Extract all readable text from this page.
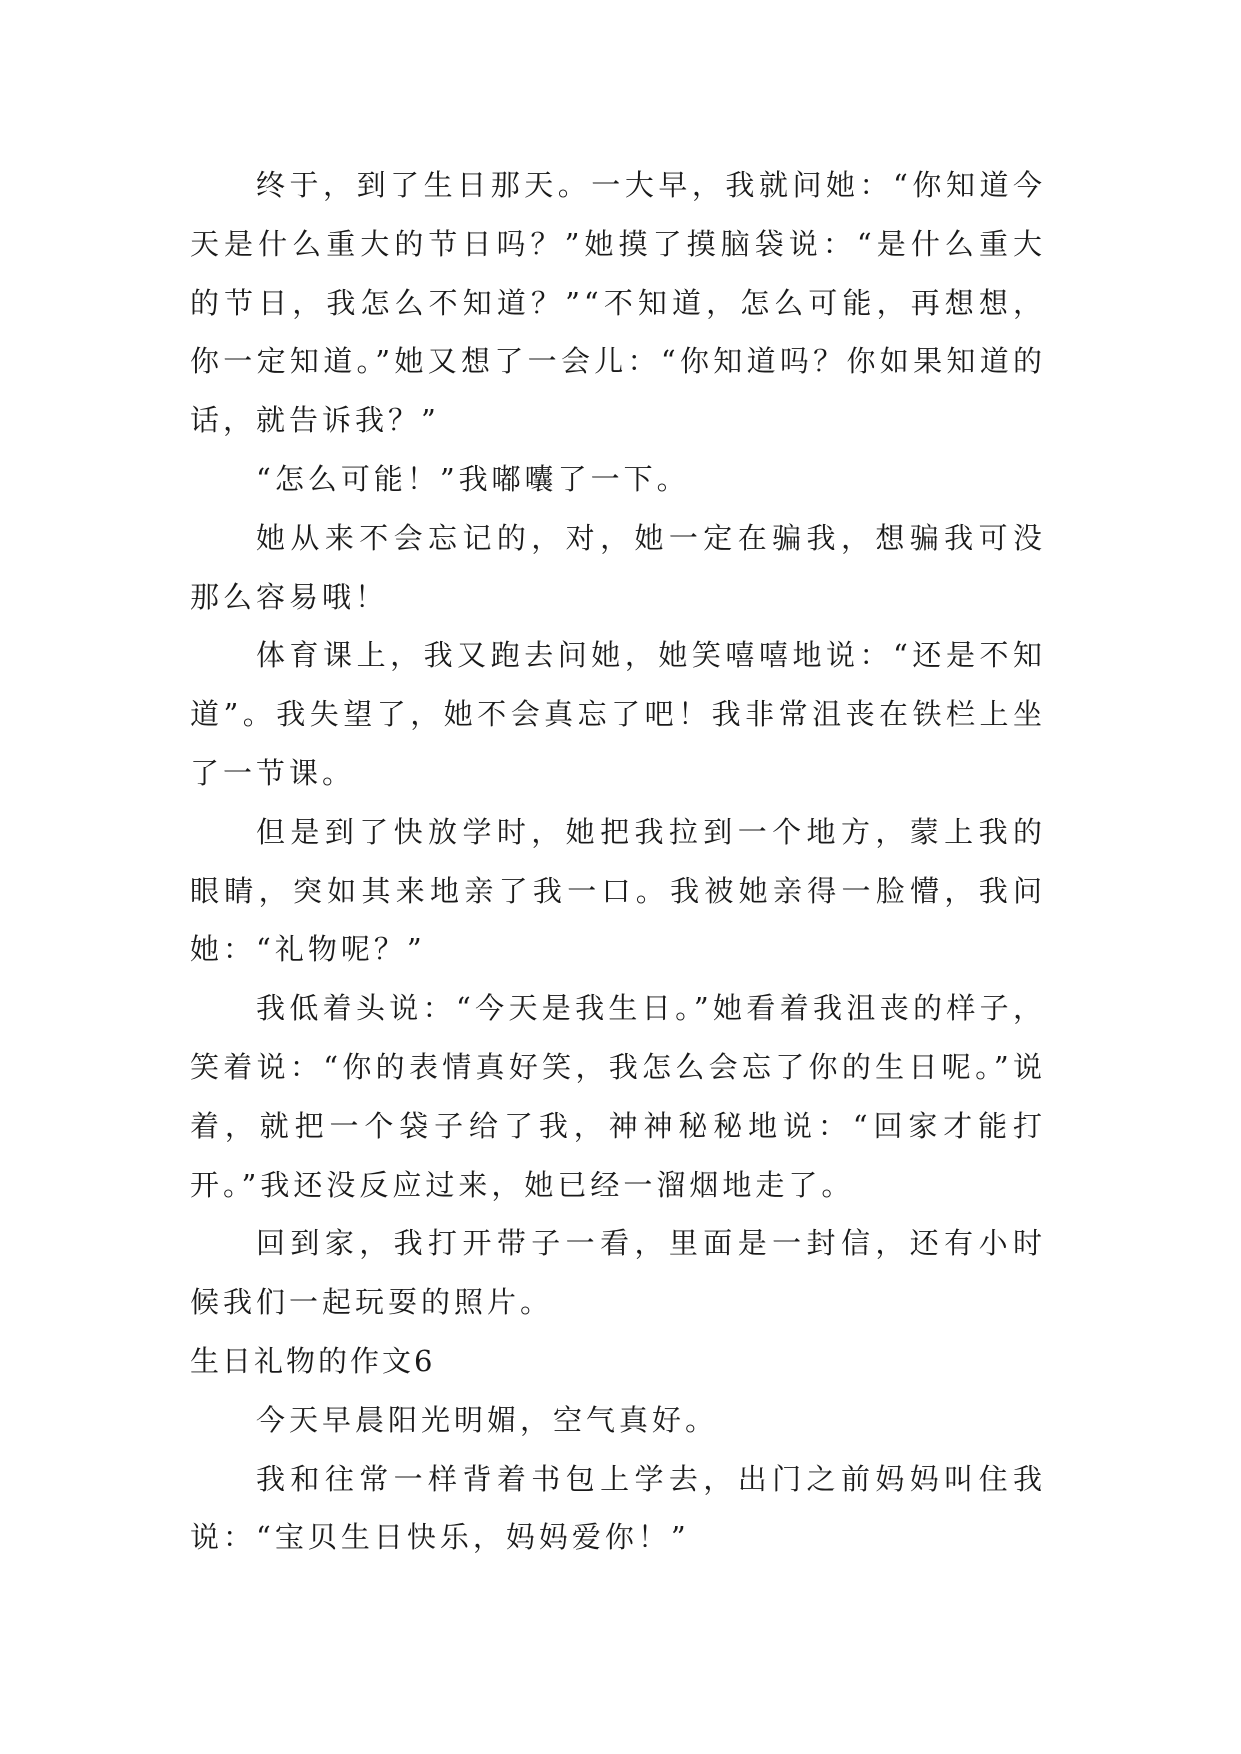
终于，到了生日那天。一大早，我就问她：“你知道今天是什么重大的节日吗？”她摸了摸脑袋说：“是什么重大的节日，我怎么不知道？”“不知道，怎么可能，再想想，你一定知道。”她又想了一会儿：“你知道吗？你如果知道的话，就告诉我？”

“怎么可能！”我嘟囔了一下。

她从来不会忘记的，对，她一定在骗我，想骗我可没那么容易哦！

体育课上，我又跑去问她，她笑嘻嘻地说：“还是不知道”。我失望了，她不会真忘了吧！我非常沮丧在铁栏上坐了一节课。

但是到了快放学时，她把我拉到一个地方，蒙上我的眼睛，突如其来地亲了我一口。我被她亲得一脸懵，我问她：“礼物呢？”

我低着头说：“今天是我生日。”她看着我沮丧的样子，笑着说：“你的表情真好笑，我怎么会忘了你的生日呢。”说着，就把一个袋子给了我，神神秘秘地说：“回家才能打开。”我还没反应过来，她已经一溜烟地走了。

回到家，我打开带子一看，里面是一封信，还有小时候我们一起玩耍的照片。

生日礼物的作文6

今天早晨阳光明媚，空气真好。

我和往常一样背着书包上学去，出门之前妈妈叫住我说：“宝贝生日快乐，妈妈爱你！”
